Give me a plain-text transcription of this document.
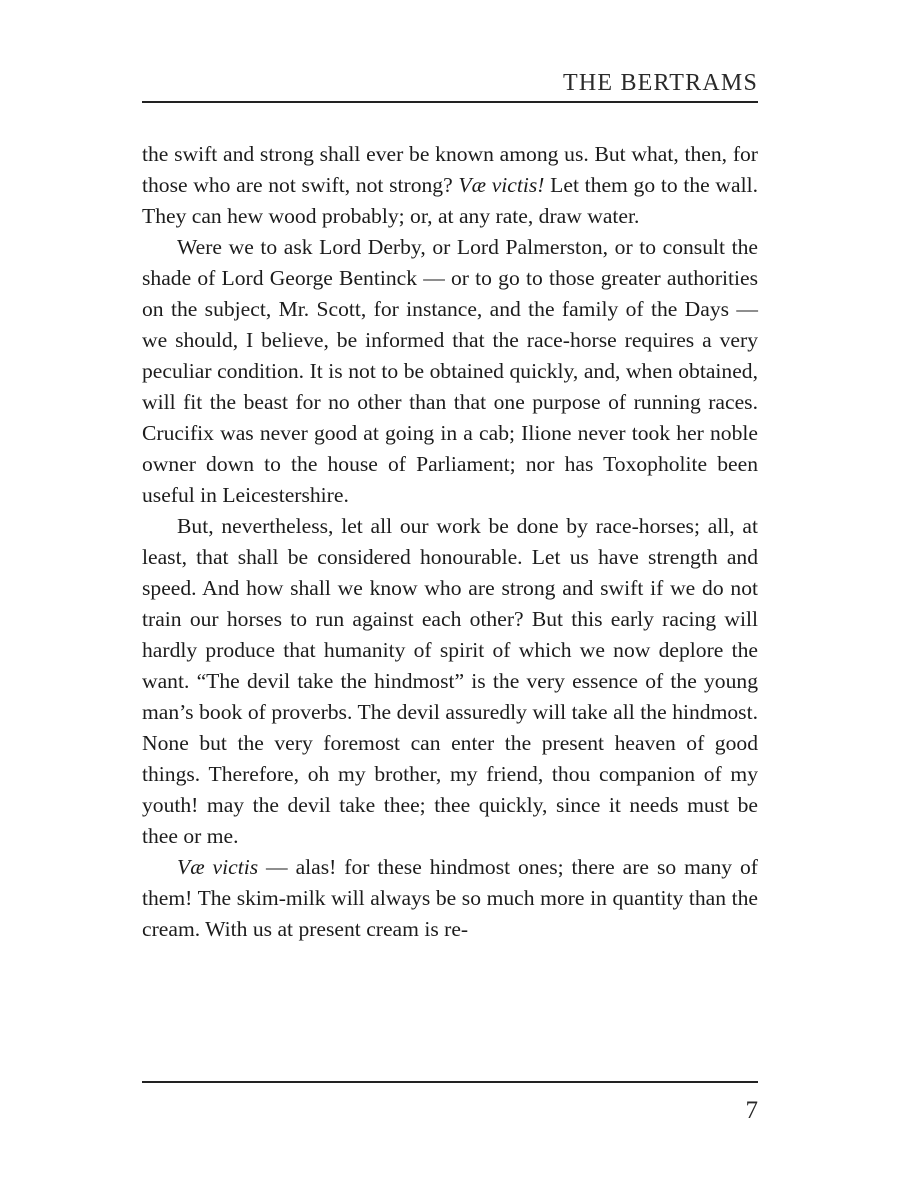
THE BERTRAMS

the swift and strong shall ever be known among us. But what, then, for those who are not swift, not strong? Væ victis! Let them go to the wall. They can hew wood probably; or, at any rate, draw water.

Were we to ask Lord Derby, or Lord Palmerston, or to consult the shade of Lord George Bentinck — or to go to those greater authorities on the subject, Mr. Scott, for instance, and the family of the Days — we should, I believe, be informed that the race-horse requires a very peculiar condition. It is not to be obtained quickly, and, when obtained, will fit the beast for no other than that one purpose of running races. Crucifix was never good at going in a cab; Ilione never took her noble owner down to the house of Parliament; nor has Toxopholite been useful in Leicestershire.

But, nevertheless, let all our work be done by race-horses; all, at least, that shall be considered honourable. Let us have strength and speed. And how shall we know who are strong and swift if we do not train our horses to run against each other? But this early racing will hardly produce that humanity of spirit of which we now deplore the want. “The devil take the hindmost” is the very essence of the young man’s book of proverbs. The devil assuredly will take all the hindmost. None but the very foremost can enter the present heaven of good things. Therefore, oh my brother, my friend, thou companion of my youth! may the devil take thee; thee quickly, since it needs must be thee or me.

Væ victis — alas! for these hindmost ones; there are so many of them! The skim-milk will always be so much more in quantity than the cream. With us at present cream is re-

7
